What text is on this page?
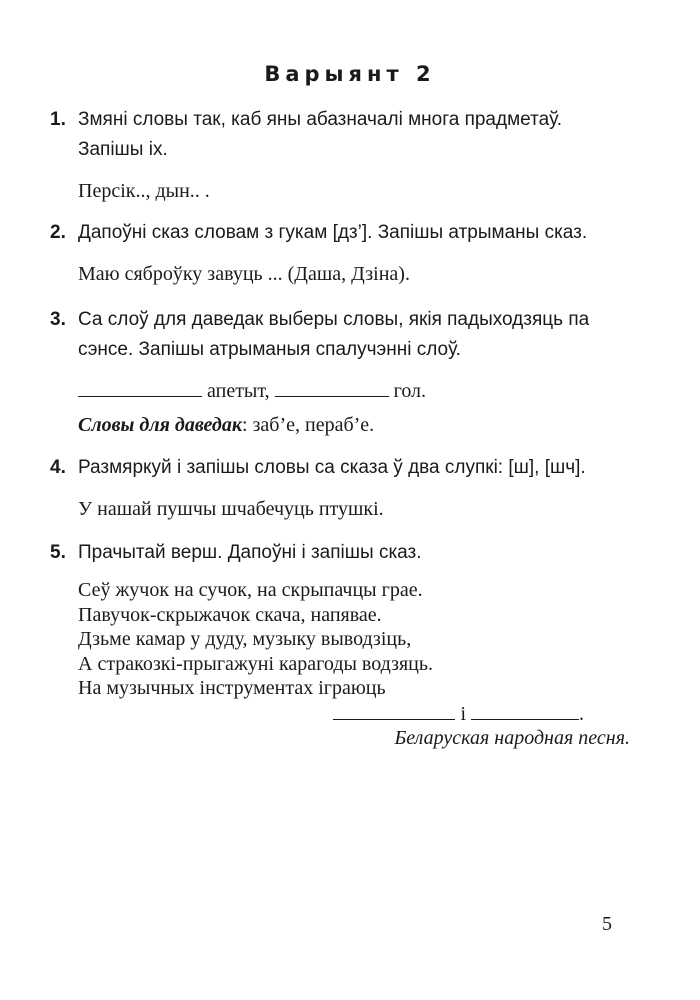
Варыянт 2
1. Змяні словы так, каб яны абазначалі многа прадметаў. Запішы іх.
Персік.., дын.. .
2. Дапоўні сказ словам з гукам [дз’]. Запішы атрыманы сказ.
Маю сяброўку завуць ... (Даша, Дзіна).
3. Са слоў для даведак выберы словы, якія падыходзяць па сэнсе. Запішы атрыманыя спалучэнні слоў.
апетыт,	гол.
Словы для даведак: заб’е, пераб’е.
4. Размяркуй і запішы словы са сказа ў два слупкі: [ш], [шч].
У нашай пушчы шчабечуць птушкі.
5. Прачытай верш. Дапоўні і запішы сказ.
Сеў жучок на сучок, на скрыпачцы грае.
Павучок-скрыжачок скача, напявае.
Дзьме камар у дуду, музыку выводзіць,
А стракозкі-прыгажуні карагоды водзяць.
На музычных інструментах іграюць
і	.
Беларуская народная песня.
5
